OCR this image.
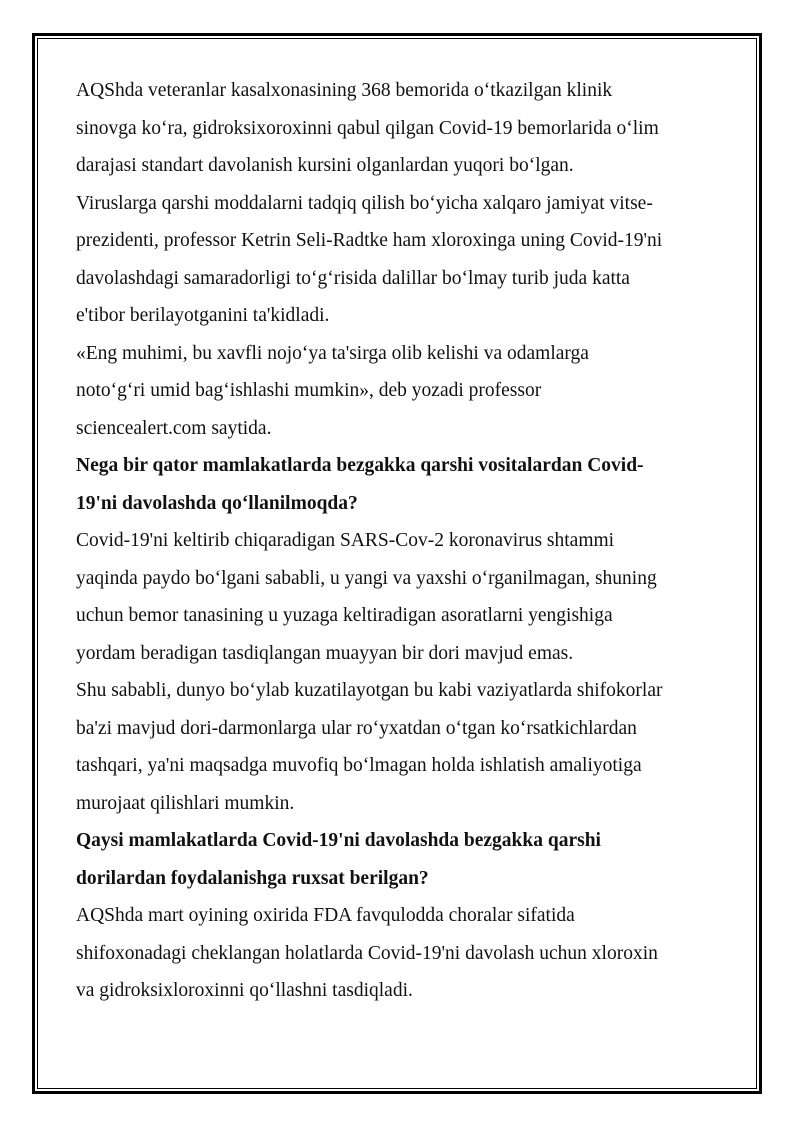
AQShda veteranlar kasalxonasining 368 bemorida o‘tkazilgan klinik
sinovga ko‘ra, gidroksixoroxinni qabul qilgan Covid-19 bemorlarida o‘lim
darajasi standart davolanish kursini olganlardan yuqori bo‘lgan.
Viruslarga qarshi moddalarni tadqiq qilish bo‘yicha xalqaro jamiyat vitse-
prezidenti, professor Ketrin Seli-Radtke ham xloroxinga uning Covid-19'ni
davolashdagi samaradorligi to‘g‘risida dalillar bo‘lmay turib juda katta
e'tibor berilayotganini ta'kidladi.
«Eng muhimi, bu xavfli nojo‘ya ta'sirga olib kelishi va odamlarga
noto‘g‘ri umid bag‘ishlashi mumkin», deb yozadi professor
sciencealert.com saytida.
Nega bir qator mamlakatlarda bezgakka qarshi vositalardan Covid-
19'ni davolashda qo‘llanilmoqda?
Covid-19'ni keltirib chiqaradigan SARS-Cov-2 koronavirus shtammi
yaqinda paydo bo‘lgani sababli, u yangi va yaxshi o‘rganilmagan, shuning
uchun bemor tanasining u yuzaga keltiradigan asoratlarni yengishiga
yordam beradigan tasdiqlangan muayyan bir dori mavjud emas.
Shu sababli, dunyo bo‘ylab kuzatilayotgan bu kabi vaziyatlarda shifokorlar
ba'zi mavjud dori-darmonlarga ular ro‘yxatdan o‘tgan ko‘rsatkichlardan
tashqari, ya'ni maqsadga muvofiq bo‘lmagan holda ishlatish amaliyotiga
murojaat qilishlari mumkin.
Qaysi mamlakatlarda Covid-19'ni davolashda bezgakka qarshi
dorilardan foydalanishga ruxsat berilgan?
AQShda mart oyining oxirida FDA favqulodda choralar sifatida
shifoxonadagi cheklangan holatlarda Covid-19'ni davolash uchun xloroxin
va gidroksixloroxinni qo‘llashni tasdiqladi.
